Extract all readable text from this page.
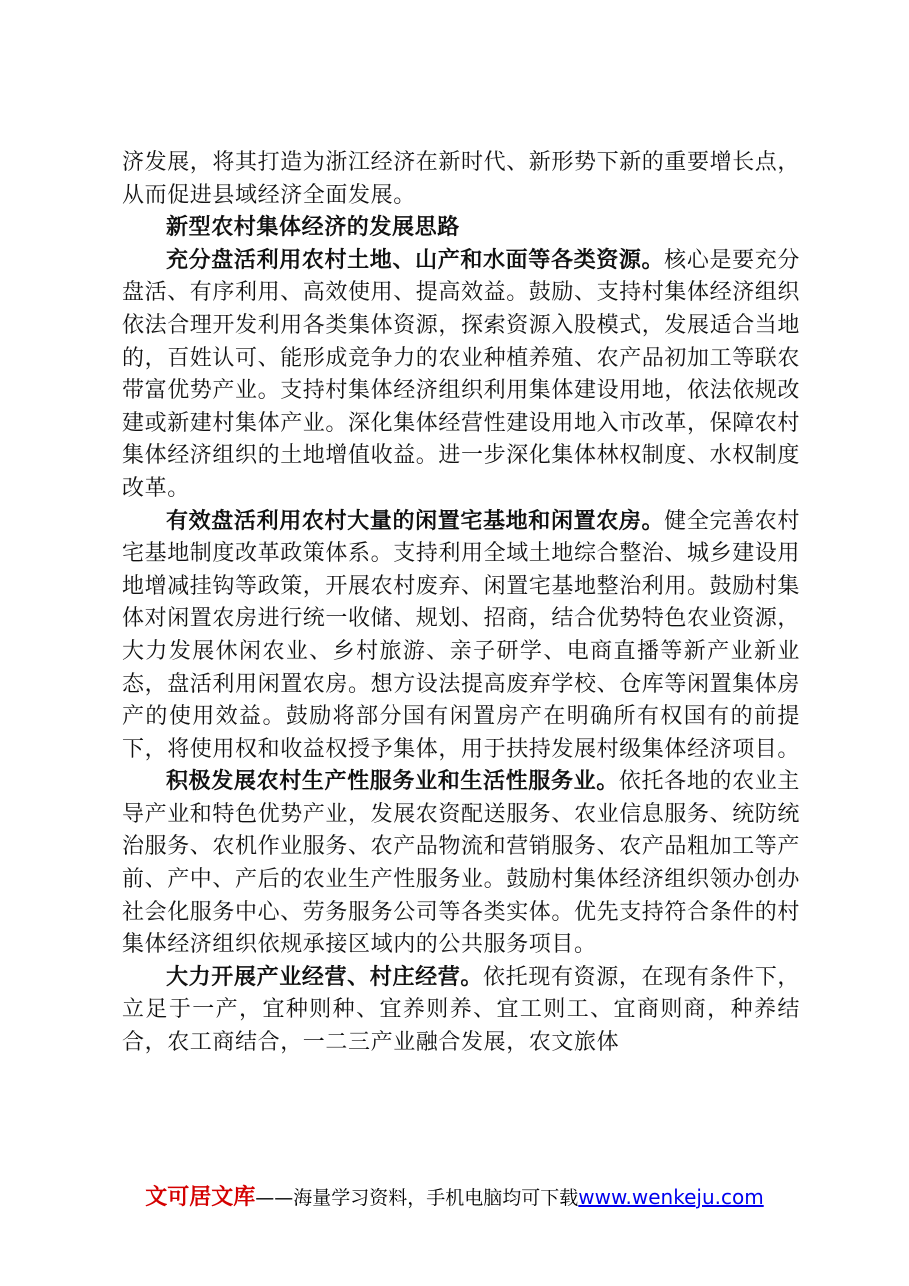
济发展，将其打造为浙江经济在新时代、新形势下新的重要增长点，从而促进县域经济全面发展。

新型农村集体经济的发展思路

充分盘活利用农村土地、山产和水面等各类资源。核心是要充分盘活、有序利用、高效使用、提高效益。鼓励、支持村集体经济组织依法合理开发利用各类集体资源，探索资源入股模式，发展适合当地的，百姓认可、能形成竞争力的农业种植养殖、农产品初加工等联农带富优势产业。支持村集体经济组织利用集体建设用地，依法依规改建或新建村集体产业。深化集体经营性建设用地入市改革，保障农村集体经济组织的土地增值收益。进一步深化集体林权制度、水权制度改革。

有效盘活利用农村大量的闲置宅基地和闲置农房。健全完善农村宅基地制度改革政策体系。支持利用全域土地综合整治、城乡建设用地增减挂钩等政策，开展农村废弃、闲置宅基地整治利用。鼓励村集体对闲置农房进行统一收储、规划、招商，结合优势特色农业资源，大力发展休闲农业、乡村旅游、亲子研学、电商直播等新产业新业态，盘活利用闲置农房。想方设法提高废弃学校、仓库等闲置集体房产的使用效益。鼓励将部分国有闲置房产在明确所有权国有的前提下，将使用权和收益权授予集体，用于扶持发展村级集体经济项目。

积极发展农村生产性服务业和生活性服务业。依托各地的农业主导产业和特色优势产业，发展农资配送服务、农业信息服务、统防统治服务、农机作业服务、农产品物流和营销服务、农产品粗加工等产前、产中、产后的农业生产性服务业。鼓励村集体经济组织领办创办社会化服务中心、劳务服务公司等各类实体。优先支持符合条件的村集体经济组织依规承接区域内的公共服务项目。

大力开展产业经营、村庄经营。依托现有资源，在现有条件下，立足于一产，宜种则种、宜养则养、宜工则工、宜商则商，种养结合，农工商结合，一二三产业融合发展，农文旅体

文可居文库——海量学习资料，手机电脑均可下载www.wenkeju.com
